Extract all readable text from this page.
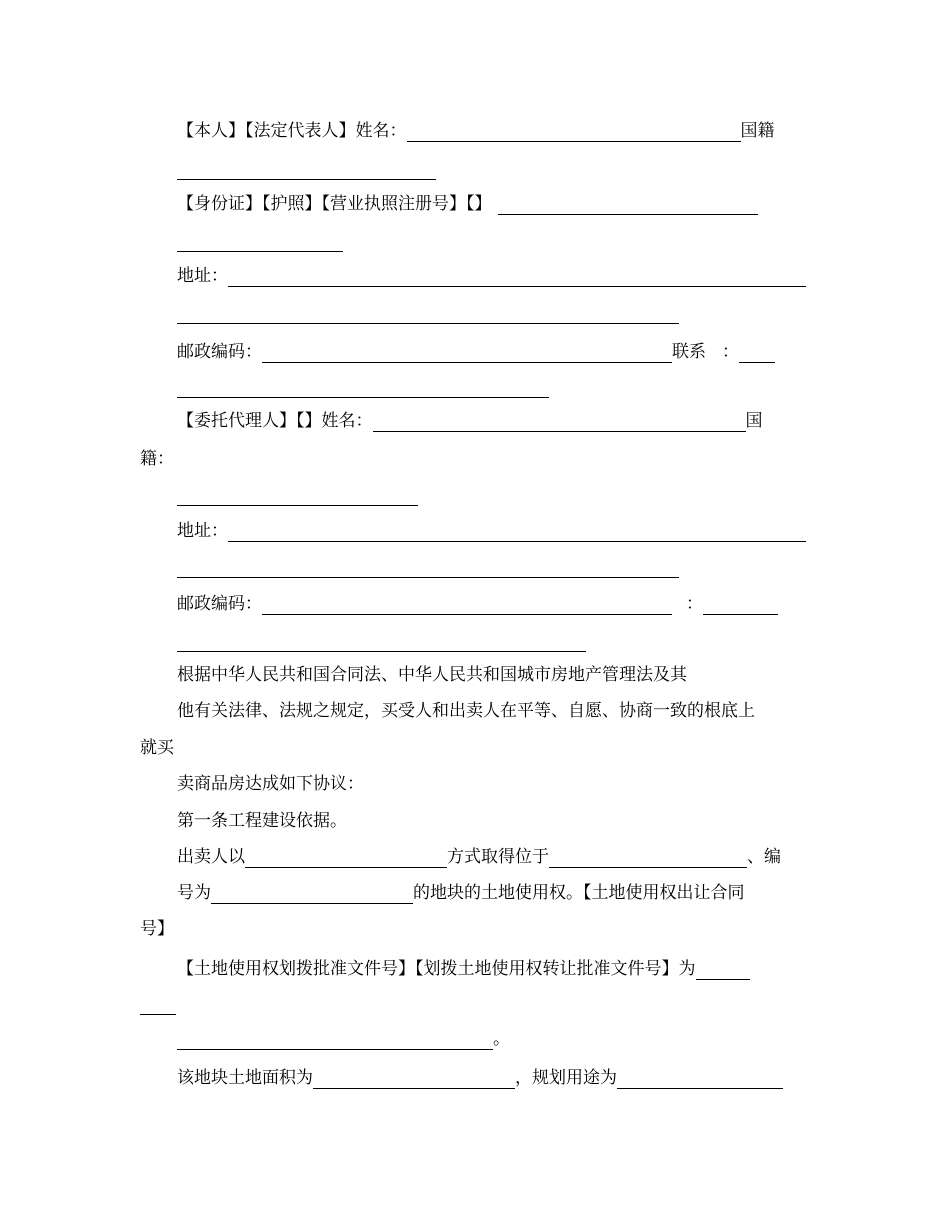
【本人】【法定代表人】姓名：	国籍
【身份证】【护照】【营业执照注册号】【】
地址：
邮政编码：	联系 ：
【委托代理人】【】姓名：	国
籍：
地址：
邮政编码：	：
根据中华人民共和国合同法、中华人民共和国城市房地产管理法及其
他有关法律、法规之规定，买受人和出卖人在平等、自愿、协商一致的根底上
就买
卖商品房达成如下协议：
第一条工程建设依据。
出卖人以	方式取得位于	、编
号为	的地块的土地使用权。【土地使用权出让合同
号】
【土地使用权划拨批准文件号】【划拨土地使用权转让批准文件号】为
。
该地块土地面积为	，规划用途为
